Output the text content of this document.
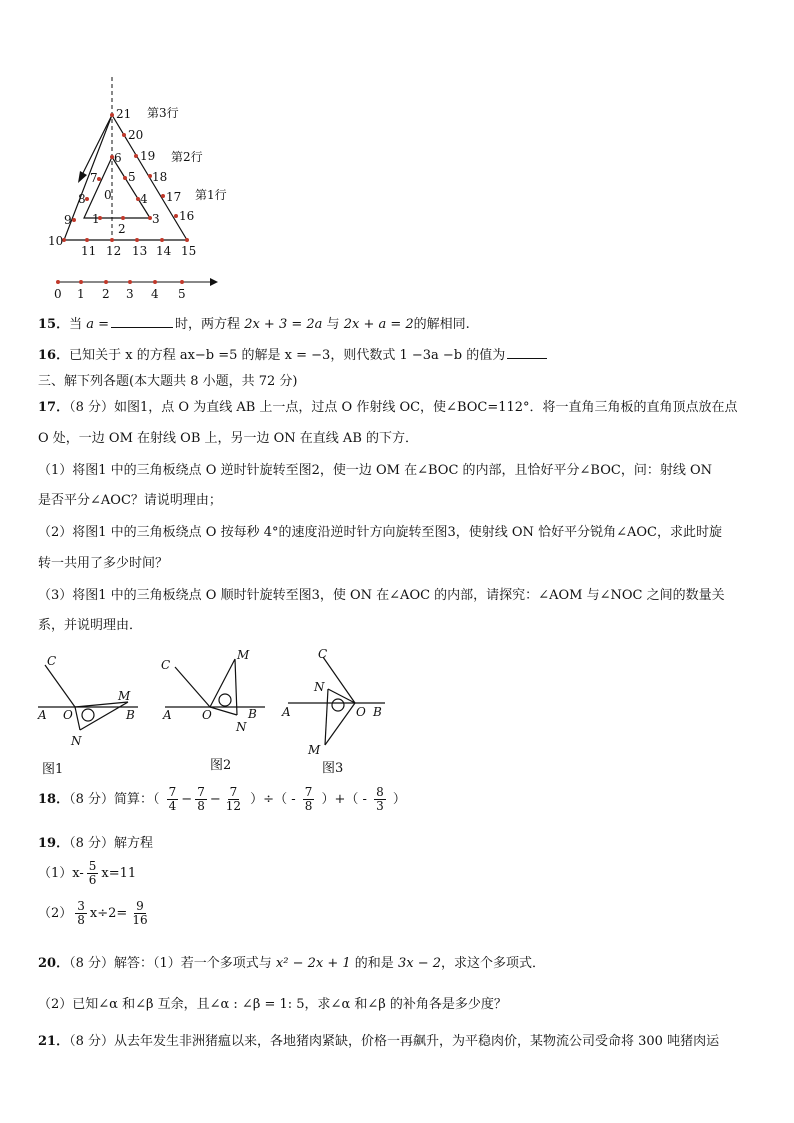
21
20
19
18
17
16
6
7
8
9
10
11 12 13 14 15
5
4
3
2
1
0
第3行
第2行
第1行
0 1 2 3 4 5
15．当 a =	时，两方程 2x + 3 = 2a 与 2x + a = 2的解相同.
16．已知关于 x 的方程 ax−b =5 的解是 x = −3，则代数式 1 −3a −b 的值为
三、解下列各题(本大题共 8 小题，共 72 分)
17．（8 分）如图1，点 O 为直线 AB 上一点，过点 O 作射线 OC，使∠BOC=112°．将一直角三角板的直角顶点放在点
O 处，一边 OM 在射线 OB 上，另一边 ON 在直线 AB 的下方．
（1）将图1 中的三角板绕点 O 逆时针旋转至图2，使一边 OM 在∠BOC 的内部，且恰好平分∠BOC，问：射线 ON
是否平分∠AOC？请说明理由；
（2）将图1 中的三角板绕点 O 按每秒 4°的速度沿逆时针方向旋转至图3，使射线 ON 恰好平分锐角∠AOC，求此时旋
转一共用了多少时间？
（3）将图1 中的三角板绕点 O 顺时针旋转至图3，使 ON 在∠AOC 的内部，请探究：∠AOM 与∠NOC 之间的数量关
系，并说明理由．
C
M
A O	B
N
C
M
A	O	B
N
C
N
A	O B
M
图1	图2	图3
18．（8 分）简算：（ $\frac{7}{4} - \frac{7}{8} - \frac{7}{12}$ ）÷（ - $\frac{7}{8}$ ）+（ - $\frac{8}{3}$ ）
19．（8 分）解方程
$(1)x- \frac{5}{6} x=11$
$(2) \frac{3}{8} x\div 2= \frac{9}{16}$
20．（8 分）解答：（1）若一个多项式与 x² − 2x + 1 的和是 3x − 2，求这个多项式．
（2）已知∠α 和∠β 互余，且∠α : ∠β = 1: 5，求∠α 和∠β 的补角各是多少度？
21．（8 分）从去年发生非洲猪瘟以来，各地猪肉紧缺，价格一再飙升，为平稳肉价，某物流公司受命将 300 吨猪肉运
